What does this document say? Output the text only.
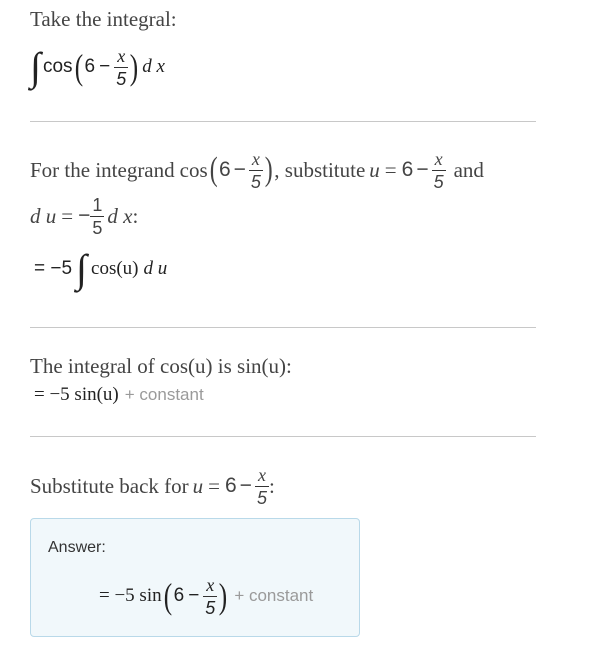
Take the integral:
∫ cos ( $6 - \frac{x}{5}$ ) d x
For the integrand cos ( $6 - \frac{x}{5}$ ) , substitute $u = 6 - \frac{x}{5}$ and
d u = − $\frac{1}{5}$ d x :
= −5 ∫ cos(u) d u
The integral of cos(u) is sin(u):
= −5 sin(u) + constant
Substitute back for $u = 6 - \frac{x}{5}$ :
Answer:
= −5 sin ( $6 - \frac{x}{5}$ ) + constant
